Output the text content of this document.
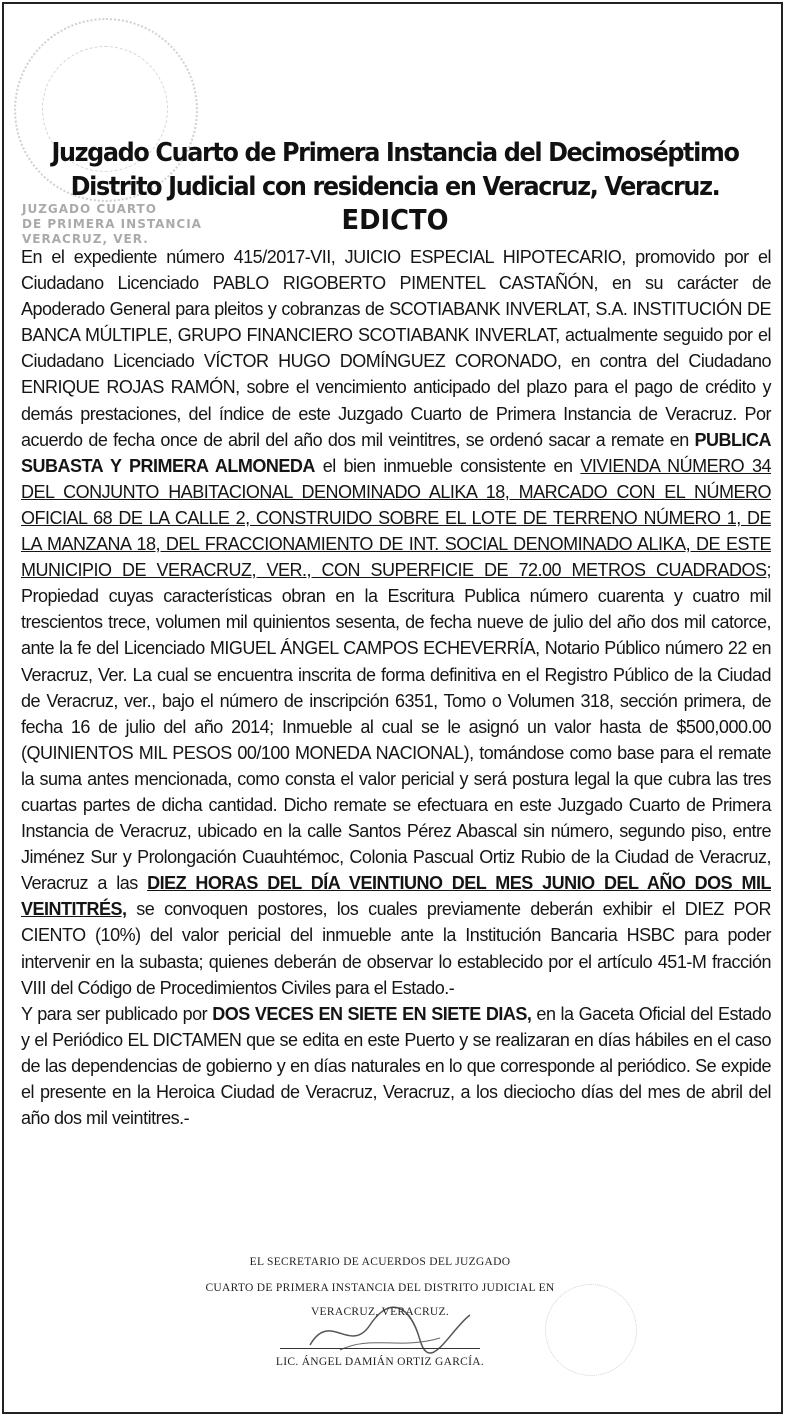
JUZGADO CUARTO
DE PRIMERA INSTANCIA
VERACRUZ, VER.
Juzgado Cuarto de Primera Instancia del Decimoséptimo
Distrito Judicial con residencia en Veracruz, Veracruz.
EDICTO

En el expediente número 415/2017-VII, JUICIO ESPECIAL HIPOTECARIO, promovido por el Ciudadano Licenciado PABLO RIGOBERTO PIMENTEL CASTAÑÓN, en su carácter de Apoderado General para pleitos y cobranzas de SCOTIABANK INVERLAT, S.A. INSTITUCIÓN DE BANCA MÚLTIPLE, GRUPO FINANCIERO SCOTIABANK INVERLAT, actualmente seguido por el Ciudadano Licenciado VÍCTOR HUGO DOMÍNGUEZ CORONADO, en contra del Ciudadano ENRIQUE ROJAS RAMÓN, sobre el vencimiento anticipado del plazo para el pago de crédito y demás prestaciones, del índice de este Juzgado Cuarto de Primera Instancia de Veracruz. Por acuerdo de fecha once de abril del año dos mil veintitres, se ordenó sacar a remate en PUBLICA SUBASTA Y PRIMERA ALMONEDA el bien inmueble consistente en VIVIENDA NÚMERO 34 DEL CONJUNTO HABITACIONAL DENOMINADO ALIKA 18, MARCADO CON EL NÚMERO OFICIAL 68 DE LA CALLE 2, CONSTRUIDO SOBRE EL LOTE DE TERRENO NÚMERO 1, DE LA MANZANA 18, DEL FRACCIONAMIENTO DE INT. SOCIAL DENOMINADO ALIKA, DE ESTE MUNICIPIO DE VERACRUZ, VER., CON SUPERFICIE DE 72.00 METROS CUADRADOS; Propiedad cuyas características obran en la Escritura Publica número cuarenta y cuatro mil trescientos trece, volumen mil quinientos sesenta, de fecha nueve de julio del año dos mil catorce, ante la fe del Licenciado MIGUEL ÁNGEL CAMPOS ECHEVERRÍA, Notario Público número 22 en Veracruz, Ver. La cual se encuentra inscrita de forma definitiva en el Registro Público de la Ciudad de Veracruz, ver., bajo el número de inscripción 6351, Tomo o Volumen 318, sección primera, de fecha 16 de julio del año 2014; Inmueble al cual se le asignó un valor hasta de $500,000.00 (QUINIENTOS MIL PESOS 00/100 MONEDA NACIONAL), tomándose como base para el remate la suma antes mencionada, como consta el valor pericial y será postura legal la que cubra las tres cuartas partes de dicha cantidad. Dicho remate se efectuara en este Juzgado Cuarto de Primera Instancia de Veracruz, ubicado en la calle Santos Pérez Abascal sin número, segundo piso, entre Jiménez Sur y Prolongación Cuauhtémoc, Colonia Pascual Ortiz Rubio de la Ciudad de Veracruz, Veracruz a las DIEZ HORAS DEL DÍA VEINTIUNO DEL MES JUNIO DEL AÑO DOS MIL VEINTITRÉS, se convoquen postores, los cuales previamente deberán exhibir el DIEZ POR CIENTO (10%) del valor pericial del inmueble ante la Institución Bancaria HSBC para poder intervenir en la subasta; quienes deberán de observar lo establecido por el artículo 451-M fracción VIII del Código de Procedimientos Civiles para el Estado.-

Y para ser publicado por DOS VECES EN SIETE EN SIETE DIAS, en la Gaceta Oficial del Estado y el Periódico EL DICTAMEN que se edita en este Puerto y se realizaran en días hábiles en el caso de las dependencias de gobierno y en días naturales en lo que corresponde al periódico. Se expide el presente en la Heroica Ciudad de Veracruz, Veracruz, a los dieciocho días del mes de abril del año dos mil veintitres.-

EL SECRETARIO DE ACUERDOS DEL JUZGADO
CUARTO DE PRIMERA INSTANCIA DEL DISTRITO JUDICIAL EN
VERACRUZ, VERACRUZ.
LIC. ÁNGEL DAMIÁN ORTIZ GARCÍA.
